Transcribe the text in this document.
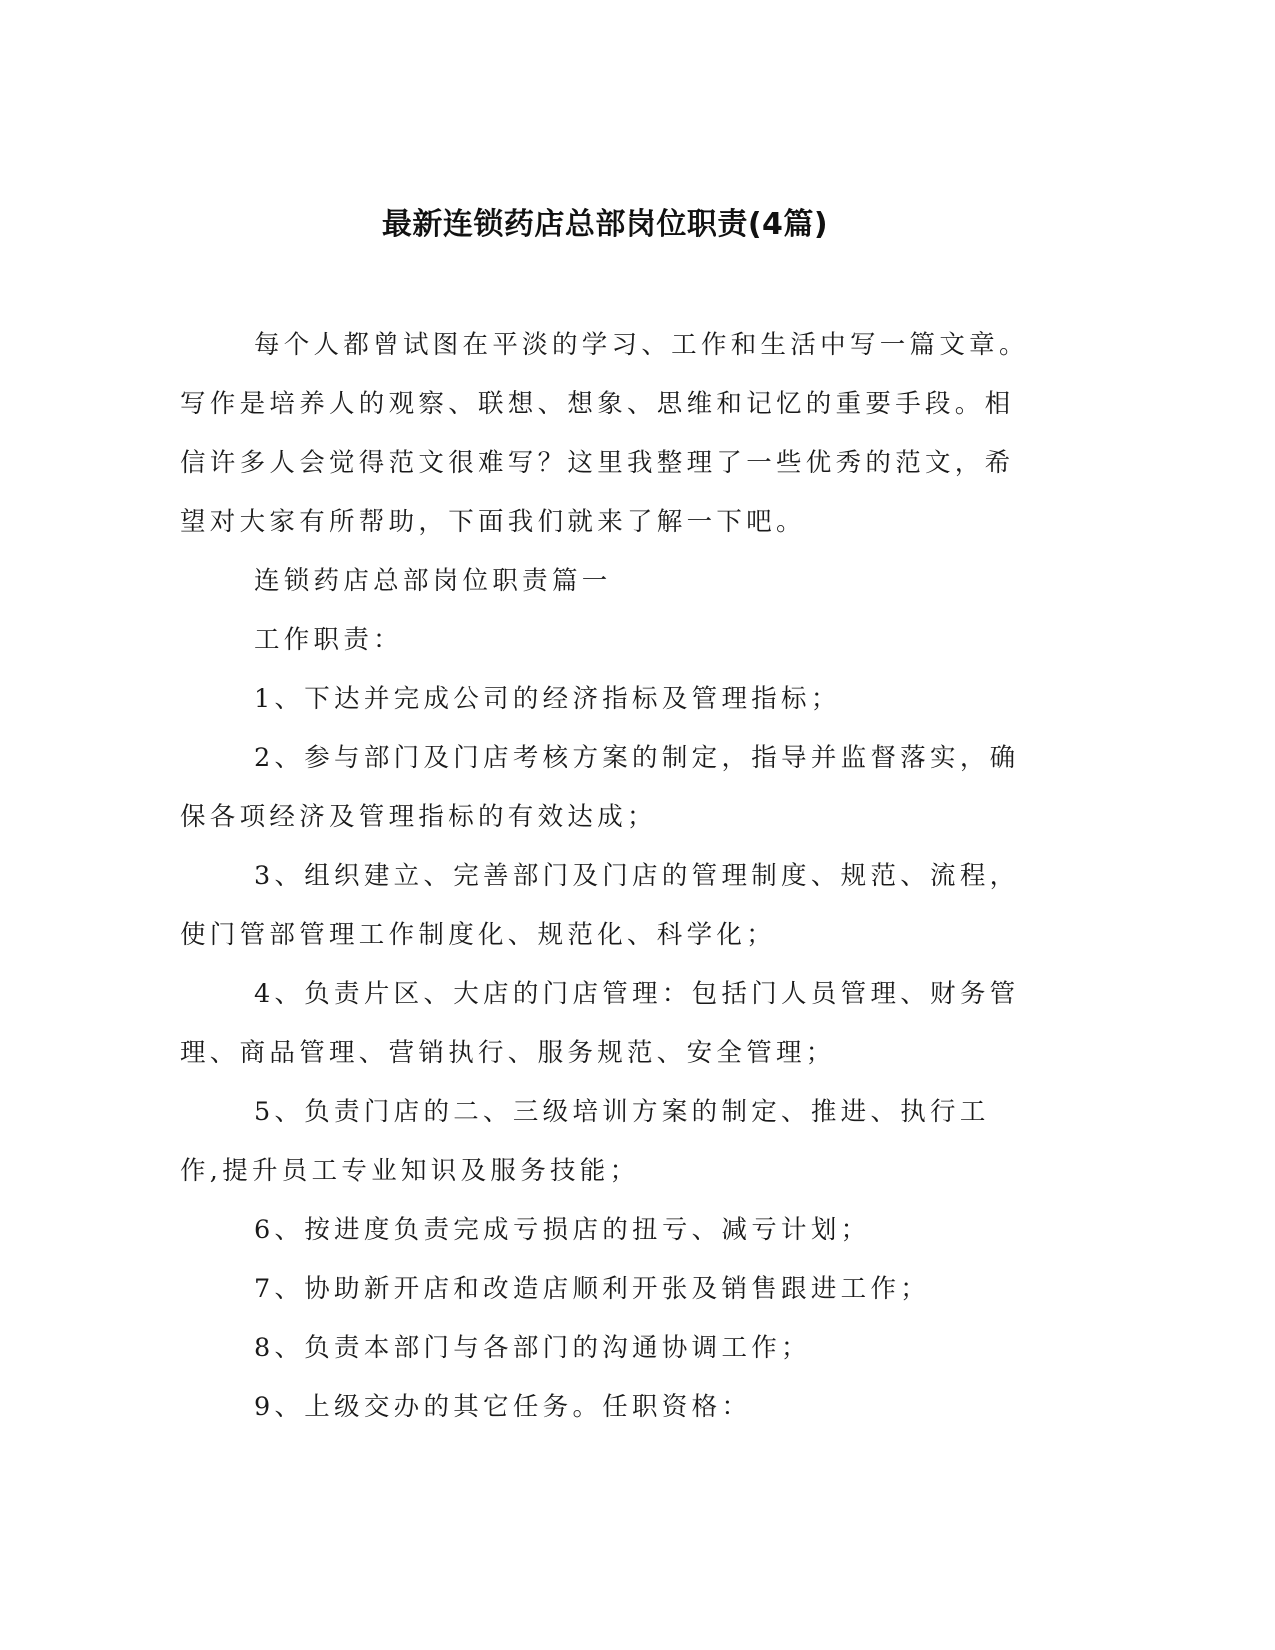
最新连锁药店总部岗位职责(4篇)

每个人都曾试图在平淡的学习、工作和生活中写一篇文章。写作是培养人的观察、联想、想象、思维和记忆的重要手段。相信许多人会觉得范文很难写？这里我整理了一些优秀的范文，希望对大家有所帮助，下面我们就来了解一下吧。

连锁药店总部岗位职责篇一

工作职责：

1、下达并完成公司的经济指标及管理指标；

2、参与部门及门店考核方案的制定，指导并监督落实，确保各项经济及管理指标的有效达成；

3、组织建立、完善部门及门店的管理制度、规范、流程，使门管部管理工作制度化、规范化、科学化；

4、负责片区、大店的门店管理：包括门人员管理、财务管理、商品管理、营销执行、服务规范、安全管理；

5、负责门店的二、三级培训方案的制定、推进、执行工作,提升员工专业知识及服务技能；

6、按进度负责完成亏损店的扭亏、减亏计划；

7、协助新开店和改造店顺利开张及销售跟进工作；

8、负责本部门与各部门的沟通协调工作；

9、上级交办的其它任务。任职资格：
